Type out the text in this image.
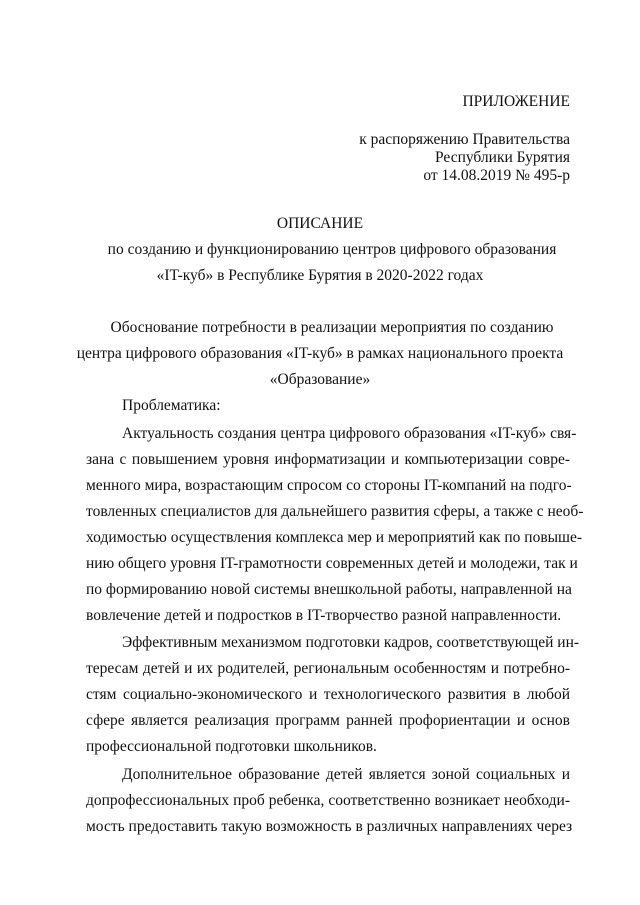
ПРИЛОЖЕНИЕ
к распоряжению Правительства
Республики Бурятия
от 14.08.2019 № 495-р
ОПИСАНИЕ
по созданию и функционированию центров цифрового образования
«IT-куб» в Республике Бурятия в 2020-2022 годах
Обоснование потребности в реализации мероприятия по созданию
центра цифрового образования «IT-куб» в рамках национального проекта
«Образование»
Проблематика:
Актуальность создания центра цифрового образования «IT-куб» свя-
зана с повышением уровня информатизации и компьютеризации совре-
менного мира, возрастающим спросом со стороны IT-компаний на подго-
товленных специалистов для дальнейшего развития сферы, а также с необ-
ходимостью осуществления комплекса мер и мероприятий как по повыше-
нию общего уровня IT-грамотности современных детей и молодежи, так и
по формированию новой системы внешкольной работы, направленной на
вовлечение детей и подростков в IT-творчество разной направленности.
Эффективным механизмом подготовки кадров, соответствующей ин-
тересам детей и их родителей, региональным особенностям и потребно-
стям социально-экономического и технологического развития в любой
сфере является реализация программ ранней профориентации и основ
профессиональной подготовки школьников.
Дополнительное образование детей является зоной социальных и
допрофессиональных проб ребенка, соответственно возникает необходи-
мость предоставить такую возможность в различных направлениях через
